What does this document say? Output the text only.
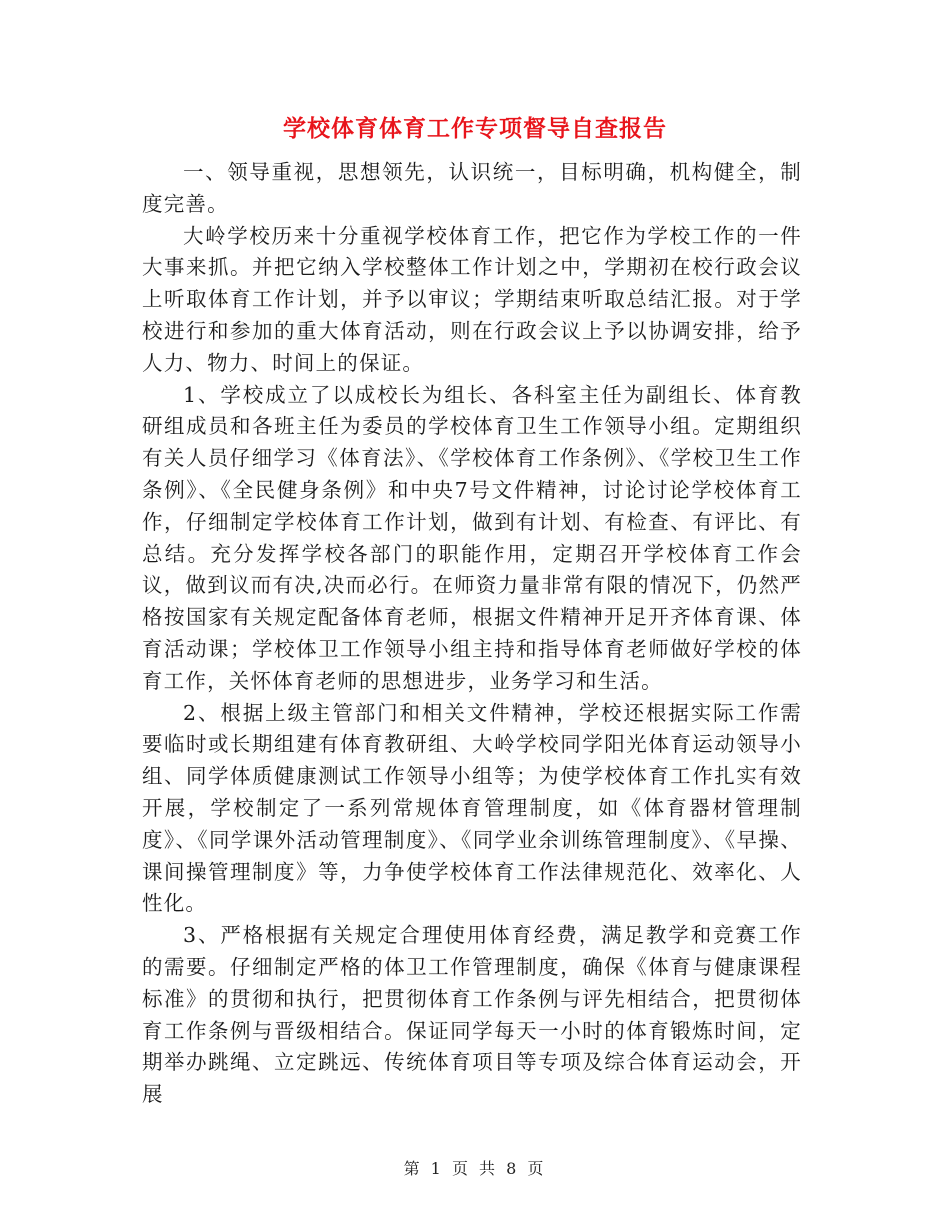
学校体育体育工作专项督导自查报告

一、领导重视，思想领先，认识统一，目标明确，机构健全，制度完善。

大岭学校历来十分重视学校体育工作，把它作为学校工作的一件大事来抓。并把它纳入学校整体工作计划之中，学期初在校行政会议上听取体育工作计划，并予以审议；学期结束听取总结汇报。对于学校进行和参加的重大体育活动，则在行政会议上予以协调安排，给予人力、物力、时间上的保证。

1、学校成立了以成校长为组长、各科室主任为副组长、体育教研组成员和各班主任为委员的学校体育卫生工作领导小组。定期组织有关人员仔细学习《体育法》、《学校体育工作条例》、《学校卫生工作条例》、《全民健身条例》和中央7号文件精神，讨论讨论学校体育工作，仔细制定学校体育工作计划，做到有计划、有检查、有评比、有总结。充分发挥学校各部门的职能作用，定期召开学校体育工作会议，做到议而有决,决而必行。在师资力量非常有限的情况下，仍然严格按国家有关规定配备体育老师，根据文件精神开足开齐体育课、体育活动课；学校体卫工作领导小组主持和指导体育老师做好学校的体育工作，关怀体育老师的思想进步，业务学习和生活。

2、根据上级主管部门和相关文件精神，学校还根据实际工作需要临时或长期组建有体育教研组、大岭学校同学阳光体育运动领导小组、同学体质健康测试工作领导小组等；为使学校体育工作扎实有效开展，学校制定了一系列常规体育管理制度，如《体育器材管理制度》、《同学课外活动管理制度》、《同学业余训练管理制度》、《早操、课间操管理制度》等，力争使学校体育工作法律规范化、效率化、人性化。

3、严格根据有关规定合理使用体育经费，满足教学和竞赛工作的需要。仔细制定严格的体卫工作管理制度，确保《体育与健康课程标准》的贯彻和执行，把贯彻体育工作条例与评先相结合，把贯彻体育工作条例与晋级相结合。保证同学每天一小时的体育锻炼时间，定期举办跳绳、立定跳远、传统体育项目等专项及综合体育运动会，开展

第 1 页 共 8 页
